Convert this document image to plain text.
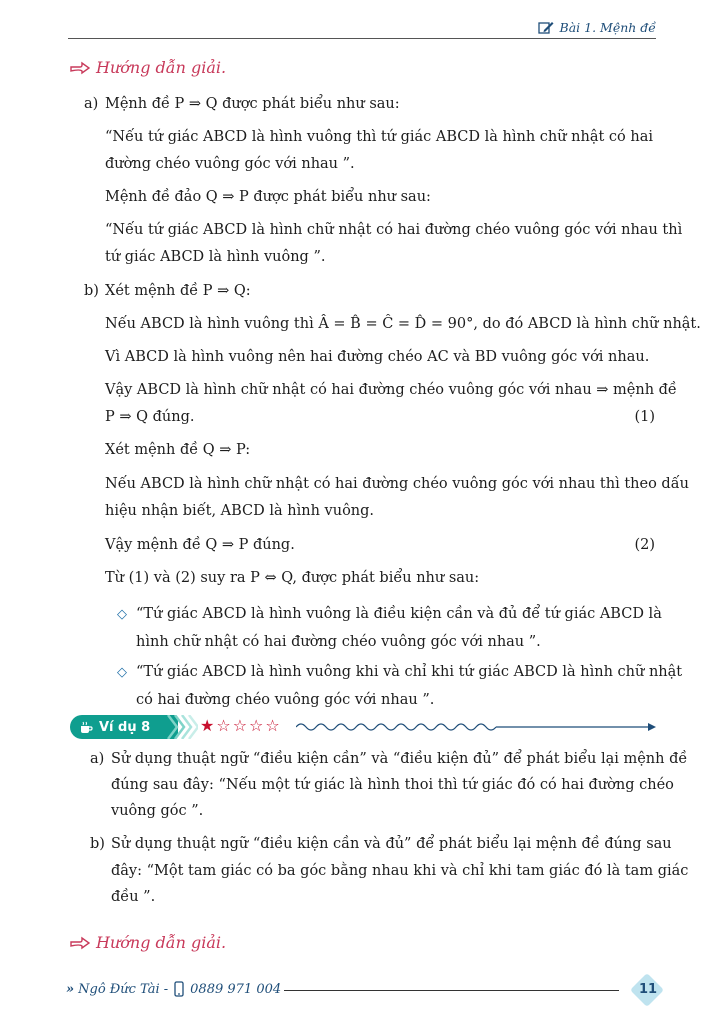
Bài 1. Mệnh đề
Hướng dẫn giải.
a) Mệnh đề P ⇒ Q được phát biểu như sau:
“Nếu tứ giác ABCD là hình vuông thì tứ giác ABCD là hình chữ nhật có hai
đường chéo vuông góc với nhau ”.
Mệnh đề đảo Q ⇒ P được phát biểu như sau:
“Nếu tứ giác ABCD là hình chữ nhật có hai đường chéo vuông góc với nhau thì
tứ giác ABCD là hình vuông ”.
b) Xét mệnh đề P ⇒ Q:
Nếu ABCD là hình vuông thì Â = B̂ = Ĉ = D̂ = 90°, do đó ABCD là hình chữ nhật.
Vì ABCD là hình vuông nên hai đường chéo AC và BD vuông góc với nhau.
Vậy ABCD là hình chữ nhật có hai đường chéo vuông góc với nhau ⇒ mệnh đề
P ⇒ Q đúng.	(1)
Xét mệnh đề Q ⇒ P:
Nếu ABCD là hình chữ nhật có hai đường chéo vuông góc với nhau thì theo dấu
hiệu nhận biết, ABCD là hình vuông.
Vậy mệnh đề Q ⇒ P đúng.	(2)
Từ (1) và (2) suy ra P ⇔ Q, được phát biểu như sau:
◇ “Tứ giác ABCD là hình vuông là điều kiện cần và đủ để tứ giác ABCD là
hình chữ nhật có hai đường chéo vuông góc với nhau ”.
◇ “Tứ giác ABCD là hình vuông khi và chỉ khi tứ giác ABCD là hình chữ nhật
có hai đường chéo vuông góc với nhau ”.
a) Sử dụng thuật ngữ “điều kiện cần” và “điều kiện đủ” để phát biểu lại mệnh đề
đúng sau đây: “Nếu một tứ giác là hình thoi thì tứ giác đó có hai đường chéo
vuông góc ”.
b) Sử dụng thuật ngữ “điều kiện cần và đủ” để phát biểu lại mệnh đề đúng sau
đây: “Một tam giác có ba góc bằng nhau khi và chỉ khi tam giác đó là tam giác
đều ”.
Ví dụ 8	★☆☆☆☆
Hướng dẫn giải.
» Ngô Đức Tài - 0889 971 004	11
